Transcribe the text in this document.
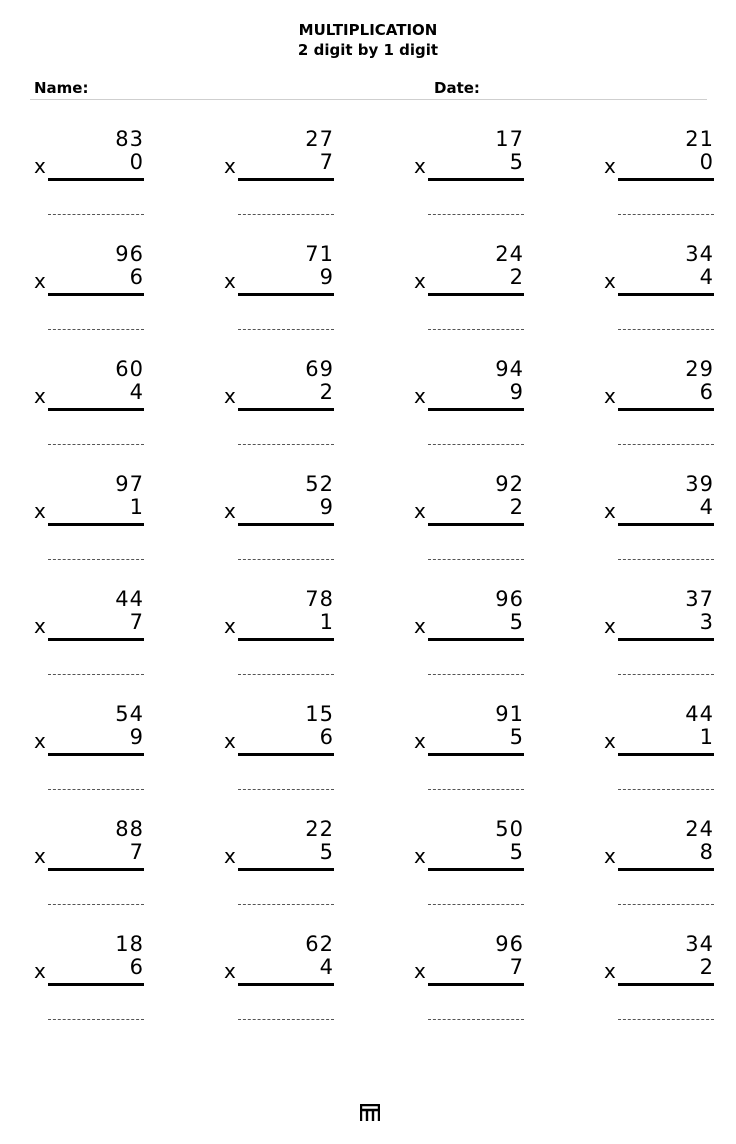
MULTIPLICATION
2 digit by 1 digit
Name:	Date:
83
0
x
27
7
x
17
5
x
21
0
x
96
6
x
71
9
x
24
2
x
34
4
x
60
4
x
69
2
x
94
9
x
29
6
x
97
1
x
52
9
x
92
2
x
39
4
x
44
7
x
78
1
x
96
5
x
37
3
x
54
9
x
15
6
x
91
5
x
44
1
x
88
7
x
22
5
x
50
5
x
24
8
x
18
6
x
62
4
x
96
7
x
34
2
x
